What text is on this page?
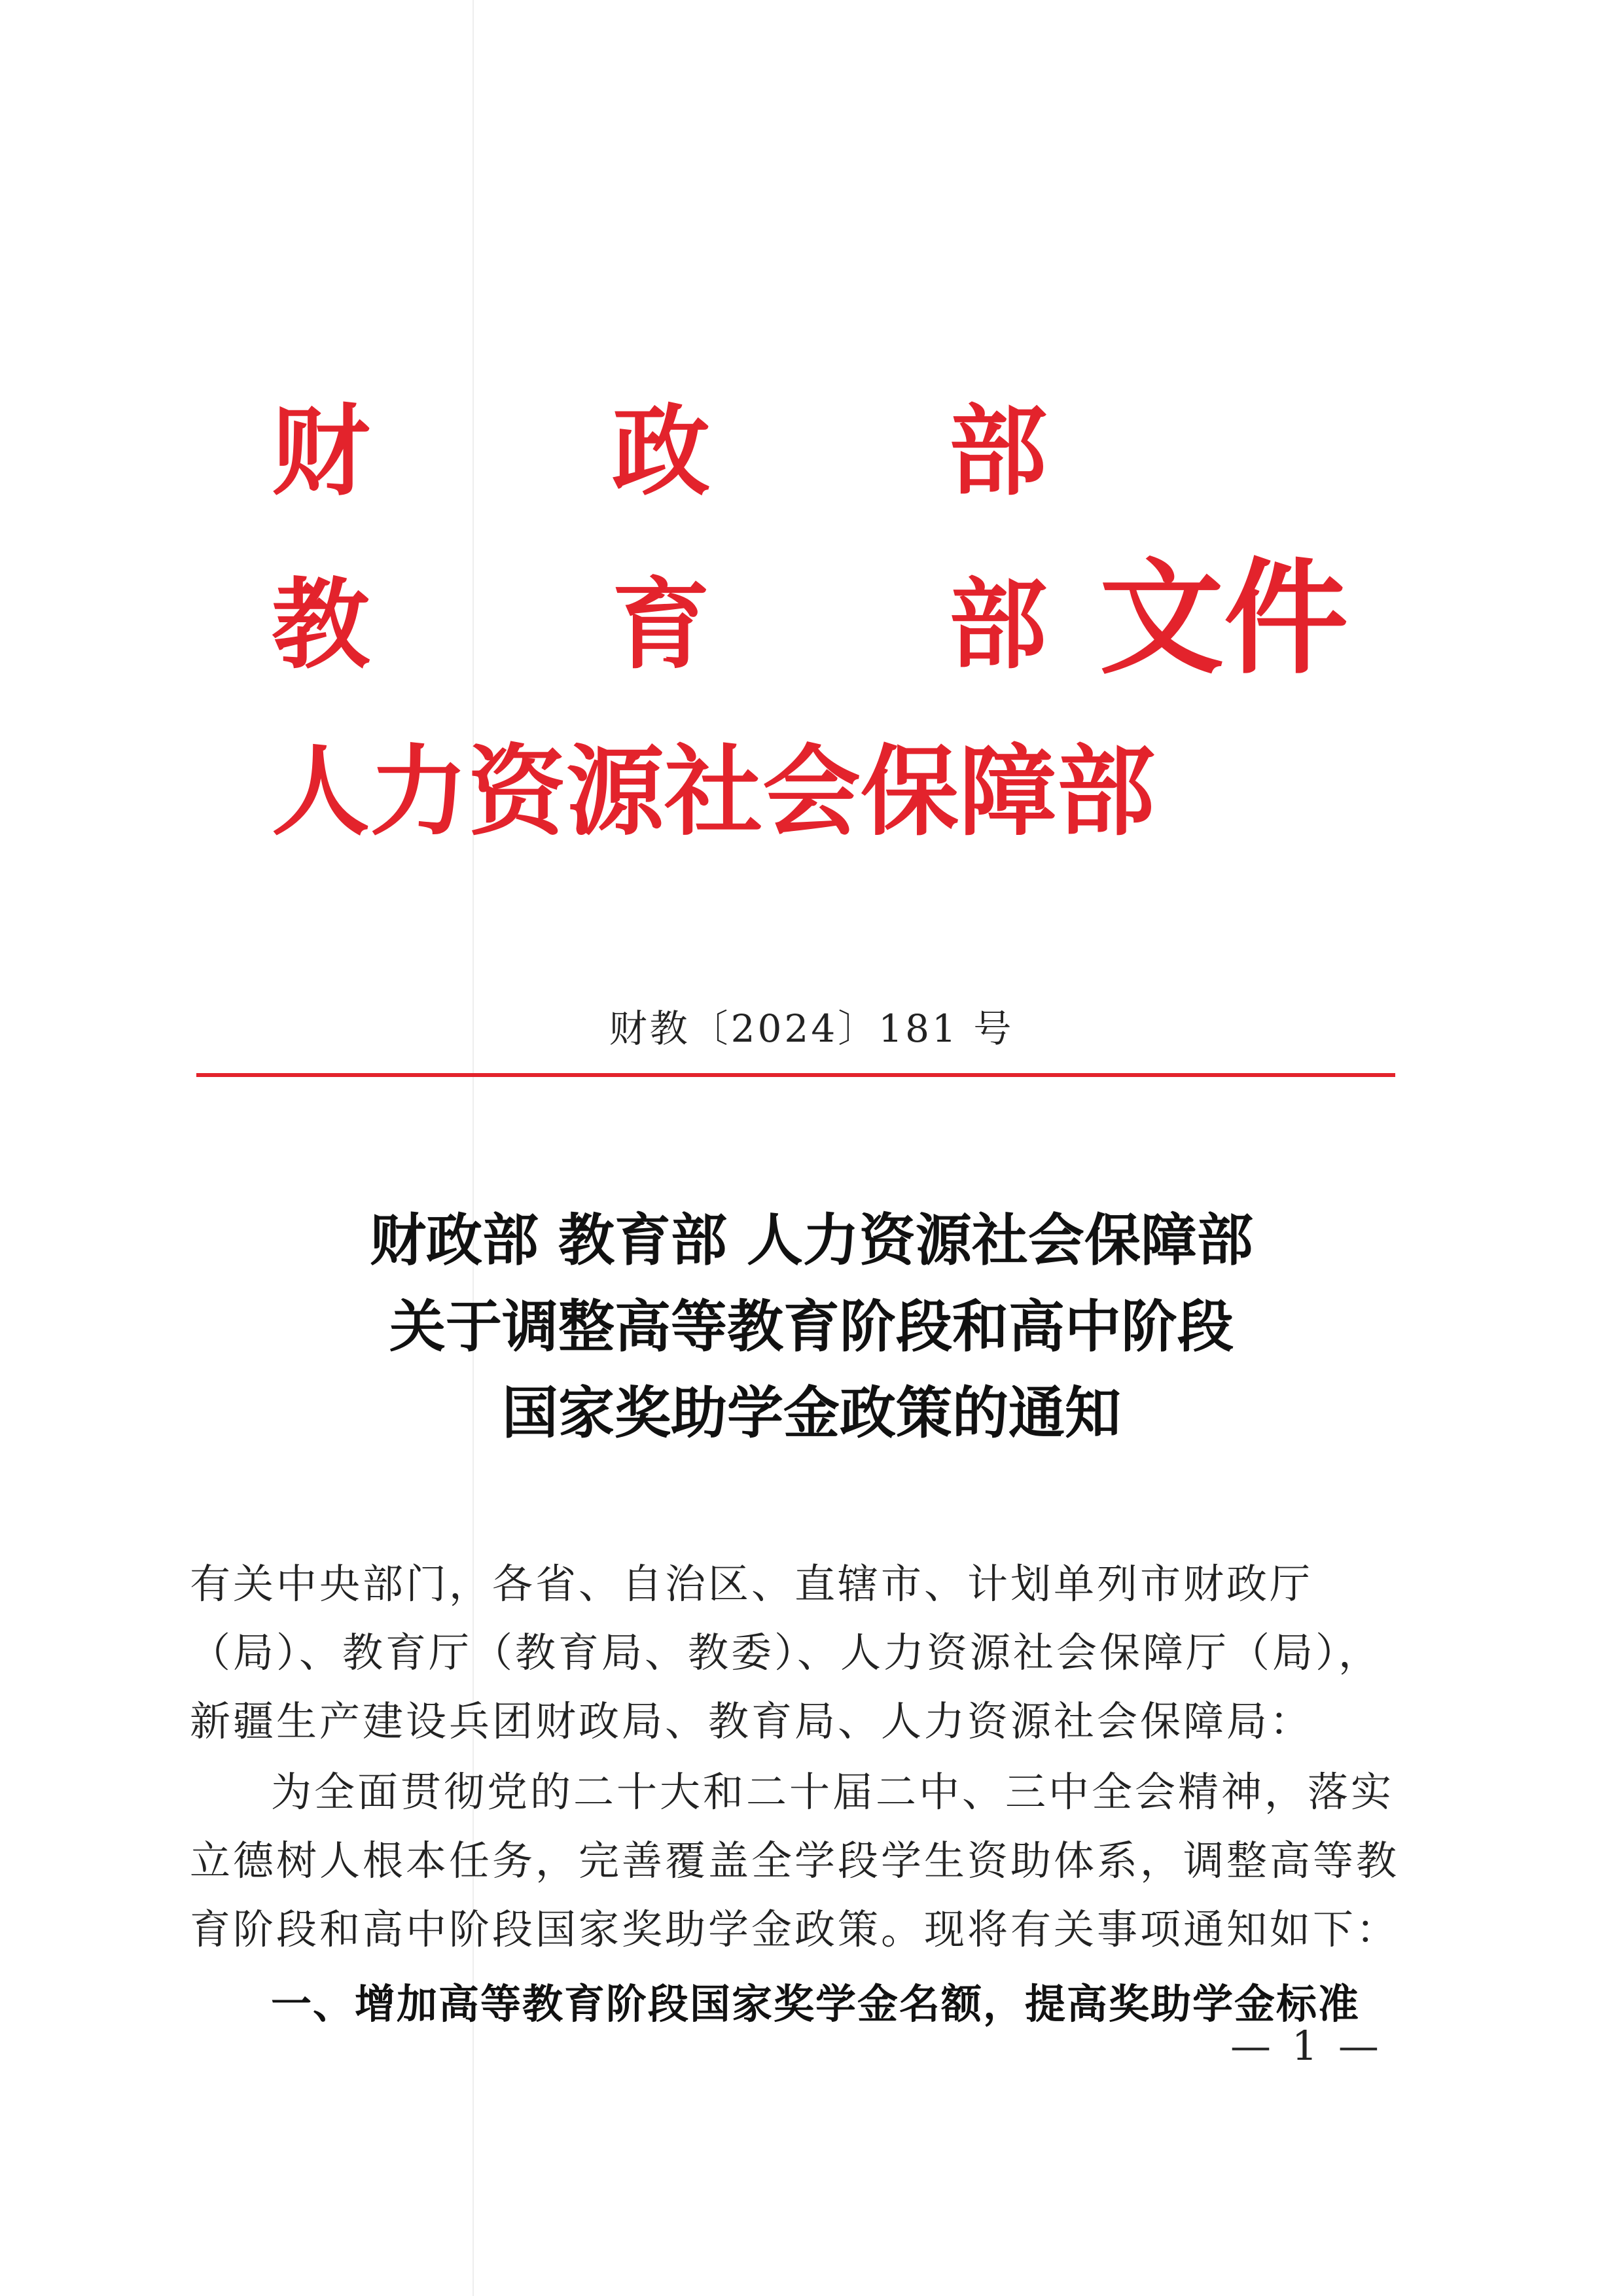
财 政 部
教 育 部
人力资源社会保障部
文件
财教〔2024〕181 号
财政部 教育部 人力资源社会保障部
关于调整高等教育阶段和高中阶段
国家奖助学金政策的通知
有关中央部门，各省、自治区、直辖市、计划单列市财政厅（局）、教育厅（教育局、教委）、人力资源社会保障厅（局），新疆生产建设兵团财政局、教育局、人力资源社会保障局：
为全面贯彻党的二十大和二十届二中、三中全会精神，落实立德树人根本任务，完善覆盖全学段学生资助体系，调整高等教育阶段和高中阶段国家奖助学金政策。现将有关事项通知如下：
一、增加高等教育阶段国家奖学金名额，提高奖助学金标准
— 1 —
